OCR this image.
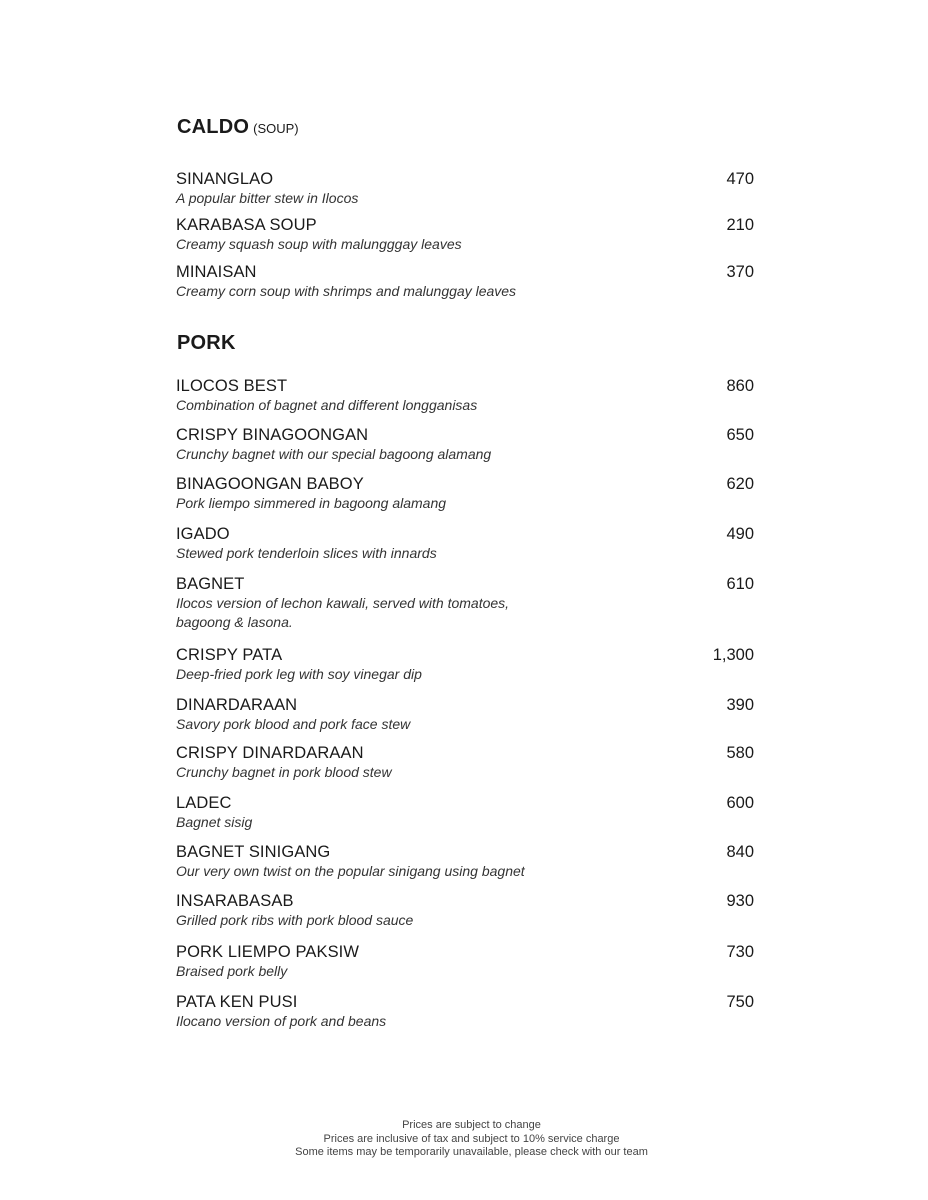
CALDO (SOUP)
SINANGLAO	470
A popular bitter stew in Ilocos
KARABASA SOUP	210
Creamy squash soup with malungggay leaves
MINAISAN	370
Creamy corn soup with shrimps and malunggay leaves
PORK
ILOCOS BEST	860
Combination of bagnet and different longganisas
CRISPY BINAGOONGAN	650
Crunchy bagnet with our special bagoong alamang
BINAGOONGAN BABOY	620
Pork liempo simmered in bagoong alamang
IGADO	490
Stewed pork tenderloin slices with innards
BAGNET	610
Ilocos version of lechon kawali, served with tomatoes, bagoong & lasona.
CRISPY PATA	1,300
Deep-fried pork leg with soy vinegar dip
DINARDARAAN	390
Savory pork blood and pork face stew
CRISPY DINARDARAAN	580
Crunchy bagnet in pork blood stew
LADEC	600
Bagnet sisig
BAGNET SINIGANG	840
Our very own twist on the popular sinigang using bagnet
INSARABASAB	930
Grilled pork ribs with pork blood sauce
PORK LIEMPO PAKSIW	730
Braised pork belly
PATA KEN PUSI	750
Ilocano version of pork and beans
Prices are subject to change
Prices are inclusive of tax and subject to 10% service charge
Some items may be temporarily unavailable, please check with our team
